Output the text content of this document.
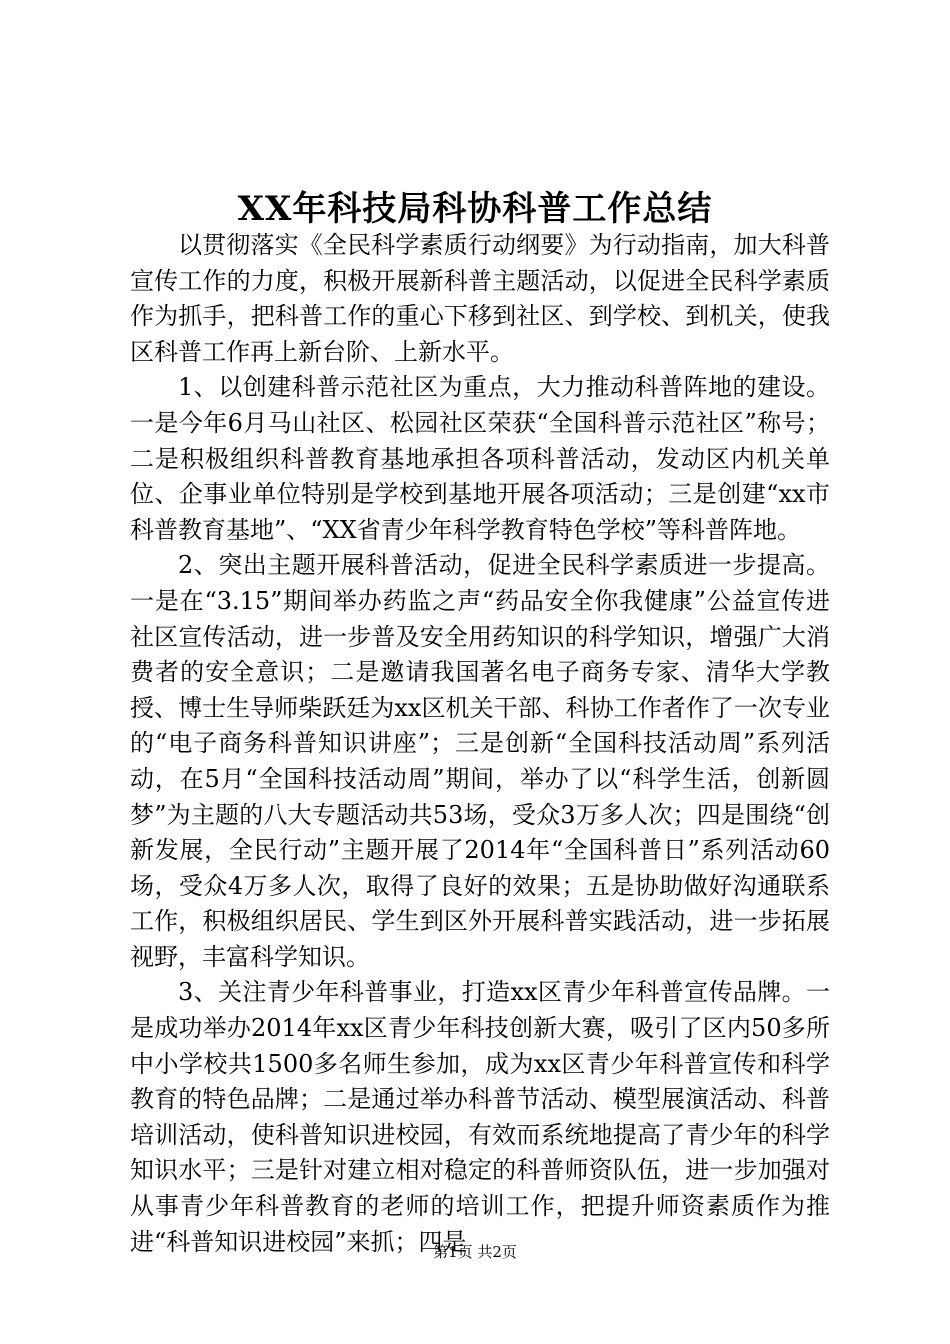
XX年科技局科协科普工作总结

以贯彻落实《全民科学素质行动纲要》为行动指南，加大科普宣传工作的力度，积极开展新科普主题活动，以促进全民科学素质作为抓手，把科普工作的重心下移到社区、到学校、到机关，使我区科普工作再上新台阶、上新水平。

1、以创建科普示范社区为重点，大力推动科普阵地的建设。一是今年6月马山社区、松园社区荣获“全国科普示范社区”称号；二是积极组织科普教育基地承担各项科普活动，发动区内机关单位、企事业单位特别是学校到基地开展各项活动；三是创建“xx市科普教育基地”、“XX省青少年科学教育特色学校”等科普阵地。

2、突出主题开展科普活动，促进全民科学素质进一步提高。一是在“3.15”期间举办药监之声“药品安全你我健康”公益宣传进社区宣传活动，进一步普及安全用药知识的科学知识，增强广大消费者的安全意识；二是邀请我国著名电子商务专家、清华大学教授、博士生导师柴跃廷为xx区机关干部、科协工作者作了一次专业的“电子商务科普知识讲座”；三是创新“全国科技活动周”系列活动，在5月“全国科技活动周”期间，举办了以“科学生活，创新圆梦”为主题的八大专题活动共53场，受众3万多人次；四是围绕“创新发展，全民行动”主题开展了2014年“全国科普日”系列活动60场，受众4万多人次，取得了良好的效果；五是协助做好沟通联系工作，积极组织居民、学生到区外开展科普实践活动，进一步拓展视野，丰富科学知识。

3、关注青少年科普事业，打造xx区青少年科普宣传品牌。一是成功举办2014年xx区青少年科技创新大赛，吸引了区内50多所中小学校共1500多名师生参加，成为xx区青少年科普宣传和科学教育的特色品牌；二是通过举办科普节活动、模型展演活动、科普培训活动，使科普知识进校园，有效而系统地提高了青少年的科学知识水平；三是针对建立相对稳定的科普师资队伍，进一步加强对从事青少年科普教育的老师的培训工作，把提升师资素质作为推进“科普知识进校园”来抓；四是

第1页 共2页
